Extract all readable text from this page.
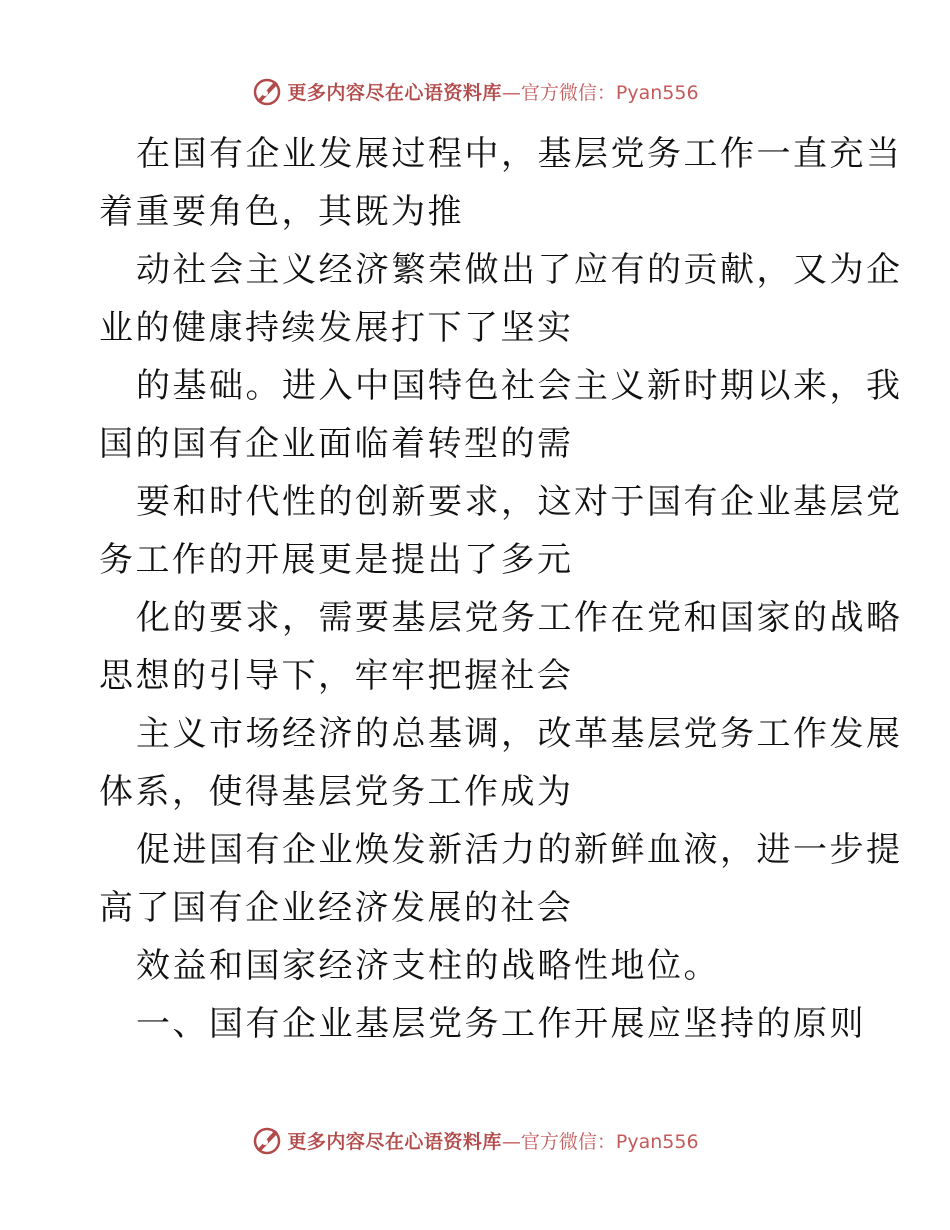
更多内容尽在心语资料库 —官方微信：Pyan556
在国有企业发展过程中，基层党务工作一直充当
着重要角色，其既为推
动社会主义经济繁荣做出了应有的贡献，又为企
业的健康持续发展打下了坚实
的基础。进入中国特色社会主义新时期以来，我
国的国有企业面临着转型的需
要和时代性的创新要求，这对于国有企业基层党
务工作的开展更是提出了多元
化的要求，需要基层党务工作在党和国家的战略
思想的引导下，牢牢把握社会
主义市场经济的总基调，改革基层党务工作发展
体系，使得基层党务工作成为
促进国有企业焕发新活力的新鲜血液，进一步提
高了国有企业经济发展的社会
效益和国家经济支柱的战略性地位。
一、国有企业基层党务工作开展应坚持的原则
更多内容尽在心语资料库 —官方微信：Pyan556
